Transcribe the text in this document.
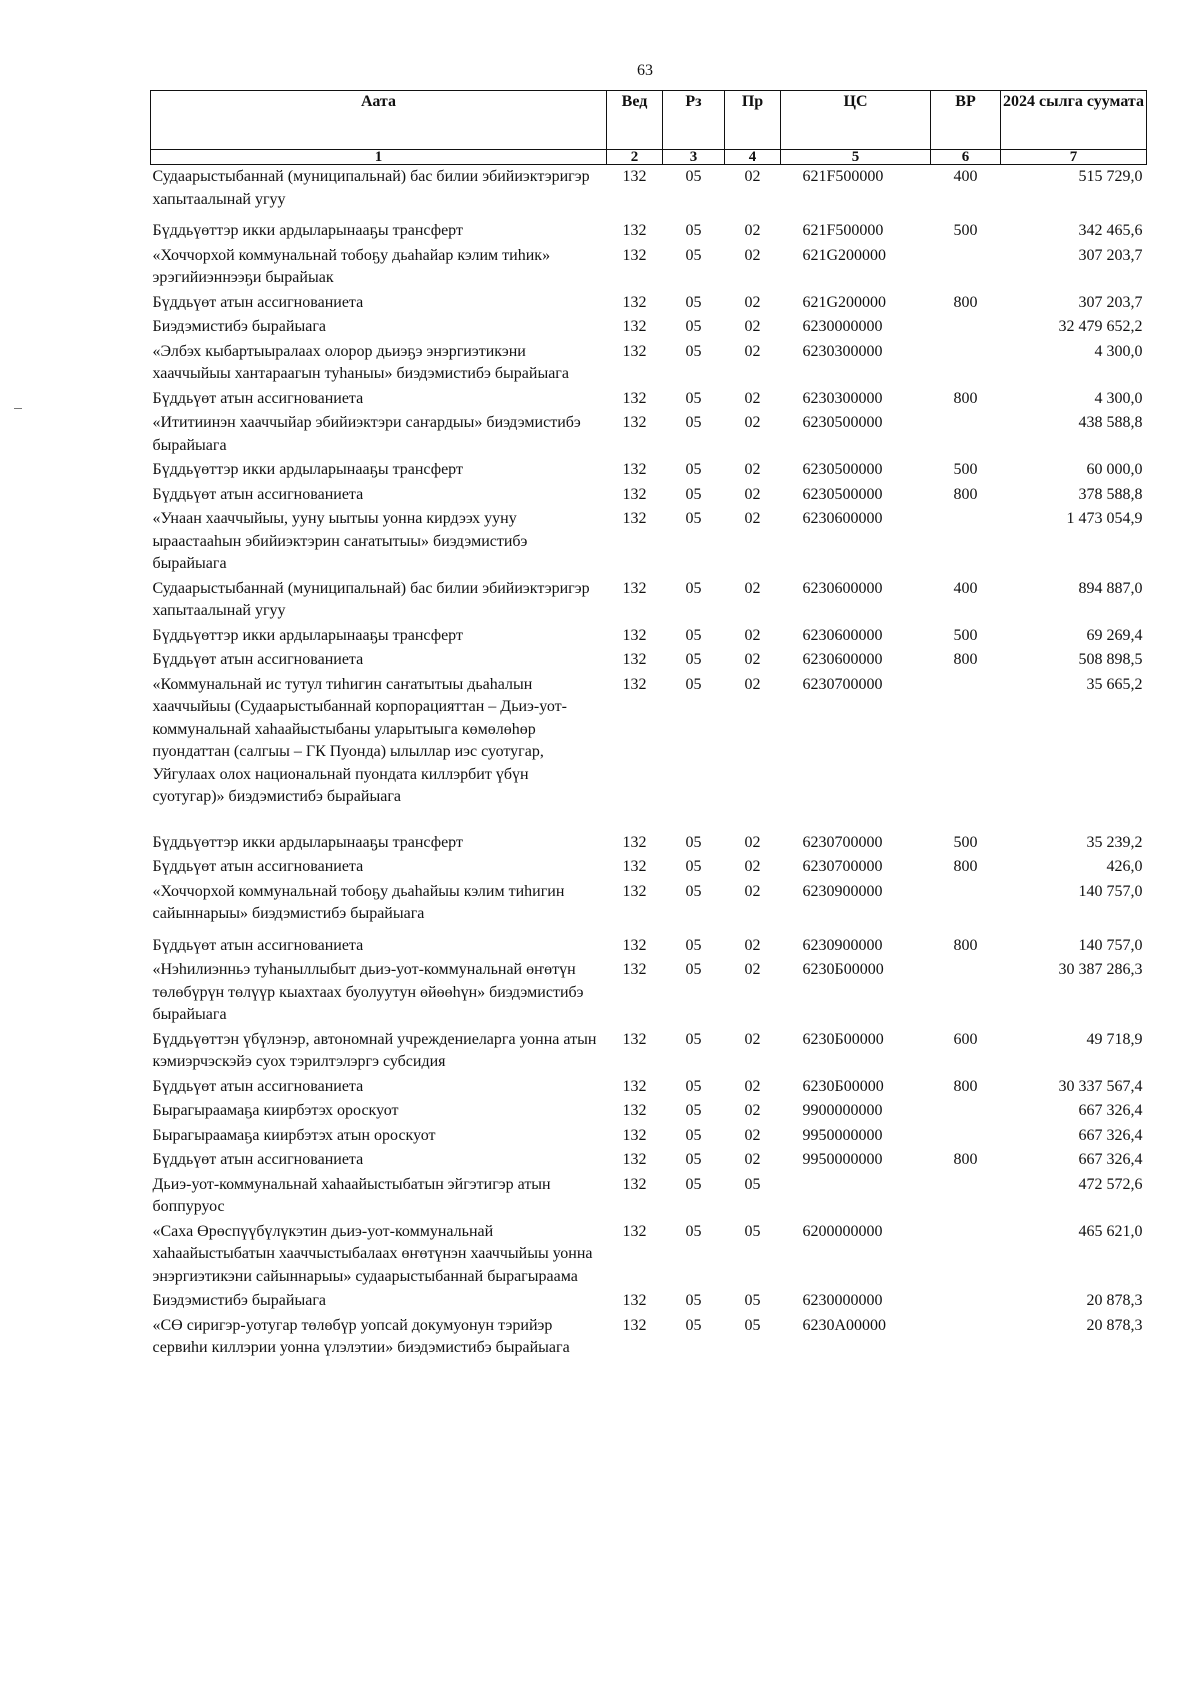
63
Аата	Вед	Рз	Пр	ЦС	ВР	2024 сылга суумата
1	2	3	4	5	6	7
Судаарыстыбаннай (муниципальнай) бас билии эбийиэктэригэр хапытаалынай угуу	132	05	02	621F500000	400	515 729,0
Бүддьүөттэр икки ардыларынааҕы трансферт	132	05	02	621F500000	500	342 465,6
«Хоччорхой коммунальнай тобоҕу дьаһайар кэлим тиһик» эрэгийиэннээҕи бырайыак	132	05	02	621G200000		307 203,7
Бүддьүөт атын ассигнованиета	132	05	02	621G200000	800	307 203,7
Биэдэмистибэ бырайыага	132	05	02	6230000000		32 479 652,2
«Элбэх кыбартыыралаах олорор дьиэҕэ энэргиэтикэни хааччыйыы хантараагын туһаныы» биэдэмистибэ бырайыага	132	05	02	6230300000		4 300,0
Бүддьүөт атын ассигнованиета	132	05	02	6230300000	800	4 300,0
«Ититиинэн хааччыйар эбийиэктэри саҥардыы» биэдэмистибэ бырайыага	132	05	02	6230500000		438 588,8
Бүддьүөттэр икки ардыларынааҕы трансферт	132	05	02	6230500000	500	60 000,0
Бүддьүөт атын ассигнованиета	132	05	02	6230500000	800	378 588,8
«Унаан хааччыйыы, ууну ыытыы уонна кирдээх ууну ыраастааһын эбийиэктэрин саҥатытыы» биэдэмистибэ бырайыага	132	05	02	6230600000		1 473 054,9
Судаарыстыбаннай (муниципальнай) бас билии эбийиэктэригэр хапытаалынай угуу	132	05	02	6230600000	400	894 887,0
Бүддьүөттэр икки ардыларынааҕы трансферт	132	05	02	6230600000	500	69 269,4
Бүддьүөт атын ассигнованиета	132	05	02	6230600000	800	508 898,5
«Коммунальнай ис тутул тиһигин саҥатытыы дьаһалын хааччыйыы (Судаарыстыбаннай корпорацияттан – Дьиэ-уот-коммунальнай хаһаайыстыбаны уларытыыга көмөлөһөр пуондаттан (салгыы – ГК Пуонда) ылыллар иэс суотугар, Уйгулаах олох национальнай пуондата киллэрбит үбүн суотугар)» биэдэмистибэ бырайыага	132	05	02	6230700000		35 665,2
Бүддьүөттэр икки ардыларынааҕы трансферт	132	05	02	6230700000	500	35 239,2
Бүддьүөт атын ассигнованиета	132	05	02	6230700000	800	426,0
«Хоччорхой коммунальнай тобоҕу дьаһайыы кэлим тиһигин сайыннарыы» биэдэмистибэ бырайыага	132	05	02	6230900000		140 757,0
Бүддьүөт атын ассигнованиета	132	05	02	6230900000	800	140 757,0
«Нэһилиэнньэ туһаныллыбыт дьиэ-уот-коммунальнай өҥөтүн төлөбүрүн төлүүр кыахтаах буолуутун өйөөһүн» биэдэмистибэ бырайыага	132	05	02	6230Б00000		30 387 286,3
Бүддьүөттэн үбүлэнэр, автономнай учреждениеларга уонна атын кэмиэрчэскэйэ суох тэрилтэлэргэ субсидия	132	05	02	6230Б00000	600	49 718,9
Бүддьүөт атын ассигнованиета	132	05	02	6230Б00000	800	30 337 567,4
Бырагыраамаҕа киирбэтэх ороскуот	132	05	02	9900000000		667 326,4
Бырагыраамаҕа киирбэтэх атын ороскуот	132	05	02	9950000000		667 326,4
Бүддьүөт атын ассигнованиета	132	05	02	9950000000	800	667 326,4
Дьиэ-уот-коммунальнай хаһаайыстыбатын эйгэтигэр атын боппуруос	132	05	05			472 572,6
«Саха Өрөспүүбүлүкэтин дьиэ-уот-коммунальнай хаһаайыстыбатын хааччыстыбалаах өҥөтүнэн хааччыйыы уонна энэргиэтикэни сайыннарыы» судаарыстыбаннай бырагыраама	132	05	05	6200000000		465 621,0
Биэдэмистибэ бырайыага	132	05	05	6230000000		20 878,3
«СӨ сиригэр-уотугар төлөбүр уопсай докумуонун тэрийэр сервиһи киллэрии уонна үлэлэтии» биэдэмистибэ бырайыага	132	05	05	6230А00000		20 878,3
